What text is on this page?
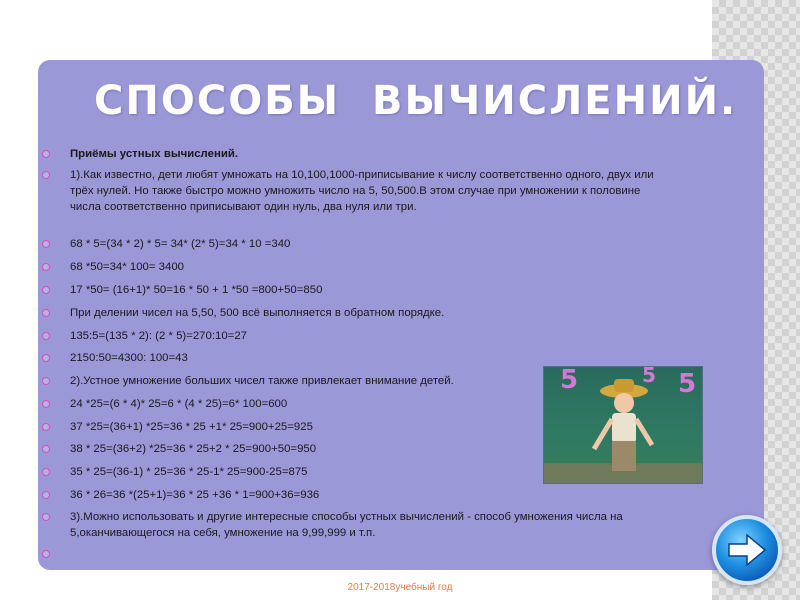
СПОСОБЫ  ВЫЧИСЛЕНИЙ.
Приёмы устных вычислений.
1).Как известно, дети любят умножать на 10,100,1000-приписывание к числу соответственно одного, двух или трёх нулей. Но также быстро можно умножить число на 5, 50,500.В этом случае при умножении к половине числа соответственно приписывают один нуль, два нуля или три.
68 * 5=(34 * 2) * 5= 34* (2* 5)=34 * 10 =340
68 *50=34* 100= 3400
17 *50= (16+1)* 50=16 * 50 + 1 *50 =800+50=850
При делении чисел на 5,50, 500 всё выполняется в обратном порядке.
135:5=(135 * 2): (2 * 5)=270:10=27
2150:50=4300: 100=43
2).Устное умножение больших чисел также привлекает внимание детей.
24 *25=(6 * 4)* 25=6 * (4 * 25)=6* 100=600
37 *25=(36+1) *25=36 * 25 +1* 25=900+25=925
38 * 25=(36+2) *25=36 * 25+2 * 25=900+50=950
35 * 25=(36-1) * 25=36 * 25-1* 25=900-25=875
36 * 26=36 *(25+1)=36 * 25 +36 * 1=900+36=936
3).Можно использовать и другие интересные способы устных вычислений - способ умножения числа на 5,оканчивающегося на себя, умножение на 9,99,999 и т.п.
5	5 5
2017-2018учебный год
